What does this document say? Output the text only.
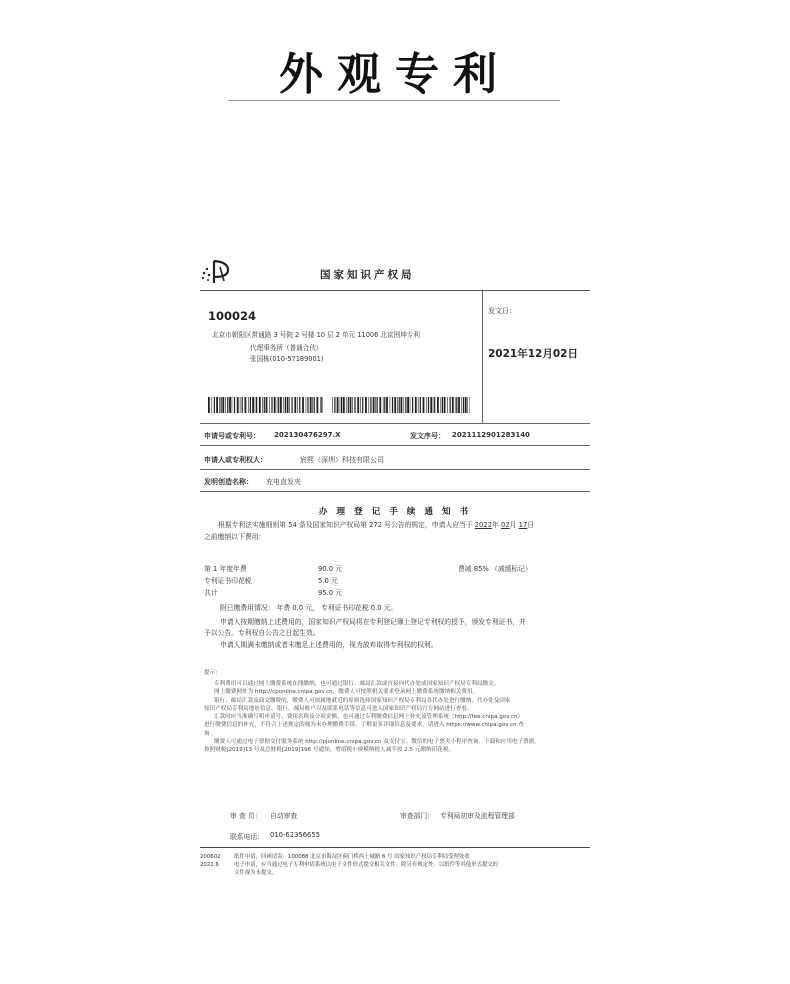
外观专利
国家知识产权局
100024
北京市朝阳区常通路 3 号院 2 号楼 10 层 2 单元 11006 北京围坤专利
代理事务所（普通合伙）
张国栋(010-57189001)
发文日：
2021年12月02日
申请号或专利号： 202130476297.X	发文序号： 2021112901283140
申请人或专利权人：	宸熙（深圳）科技有限公司
发明创造名称： 充电直发夹
办 理 登 记 手 续 通 知 书
根据专利法实施细则第 54 条及国家知识产权局第 272 号公告的规定，申请人应当于 2022年 02月 17日
之前缴纳以下费用：
第 1 年度年费	90.0 元	费减 85% （减缓标记）
专利证书印花税	5.0 元
共计	95.0 元
附已缴费用情况： 年费 0.0 元， 专利证书印花税 0.0 元。
申请人按期缴纳上述费用的，国家知识产权局将在专利登记簿上登记专利权的授予，颁发专利证书，并
予以公告。专利权自公告之日起生效。
申请人期满未缴纳或者未缴足上述费用的，视为放弃取得专利权的权利。
提示：
专利费用可以通过网上缴费系统在线缴纳，也可通过银行、邮局汇款或直接向代办处或国家知识产权局专利局缴交。
网上缴费网址为 http://cponline.cnipa.gov.cn，缴费人可按照相关要求登录网上缴费系统缴纳相关费用。
银行、邮局汇款及面交缴费的，缴费人可按属地就近的原则选择国家知识产权局专利局各代办处进行缴纳，代办处及国家
知识产权局专利局地址信息、银行、邮局账户以及联系电话等信息可进入国家知识产权局官方网站进行查看。
汇款时应当准确写明申请号、费用名称及分项金额，也可通过专利缴费信息网上补充及管理系统（http://fee.cnipa.gov.cn）
进行缴费信息的补充，不符合上述规定的视为未办理缴费手续。了解更多详细信息及要求，请进入 https://www.cnipa.gov.cn 查
询 。
缴费人可通过电子票据交付服务系统 http://pjonline.cnipa.gov.cn 及支付宝、微信的电子票夹小程序查询、下载和应用电子票据。
按照财税[2019]13 号及总财税[2019]196 号通知，增值税小规模纳税人减半按 2.5 元缴纳印花税。
审 查 员： 自动审查	审查部门： 专利局初审及流程管理部
联系电话： 010-62356655
200602 纸件申请，回函请寄：100088 北京市海淀区蓟门桥西土城路 6 号 国家知识产权局专利局受理处收
2021.6	电子申请，应当通过电子专利申请系统以电子文件形式提交相关文件。除另有规定外，以纸件等其他形式提交的
文件视为未提交。
